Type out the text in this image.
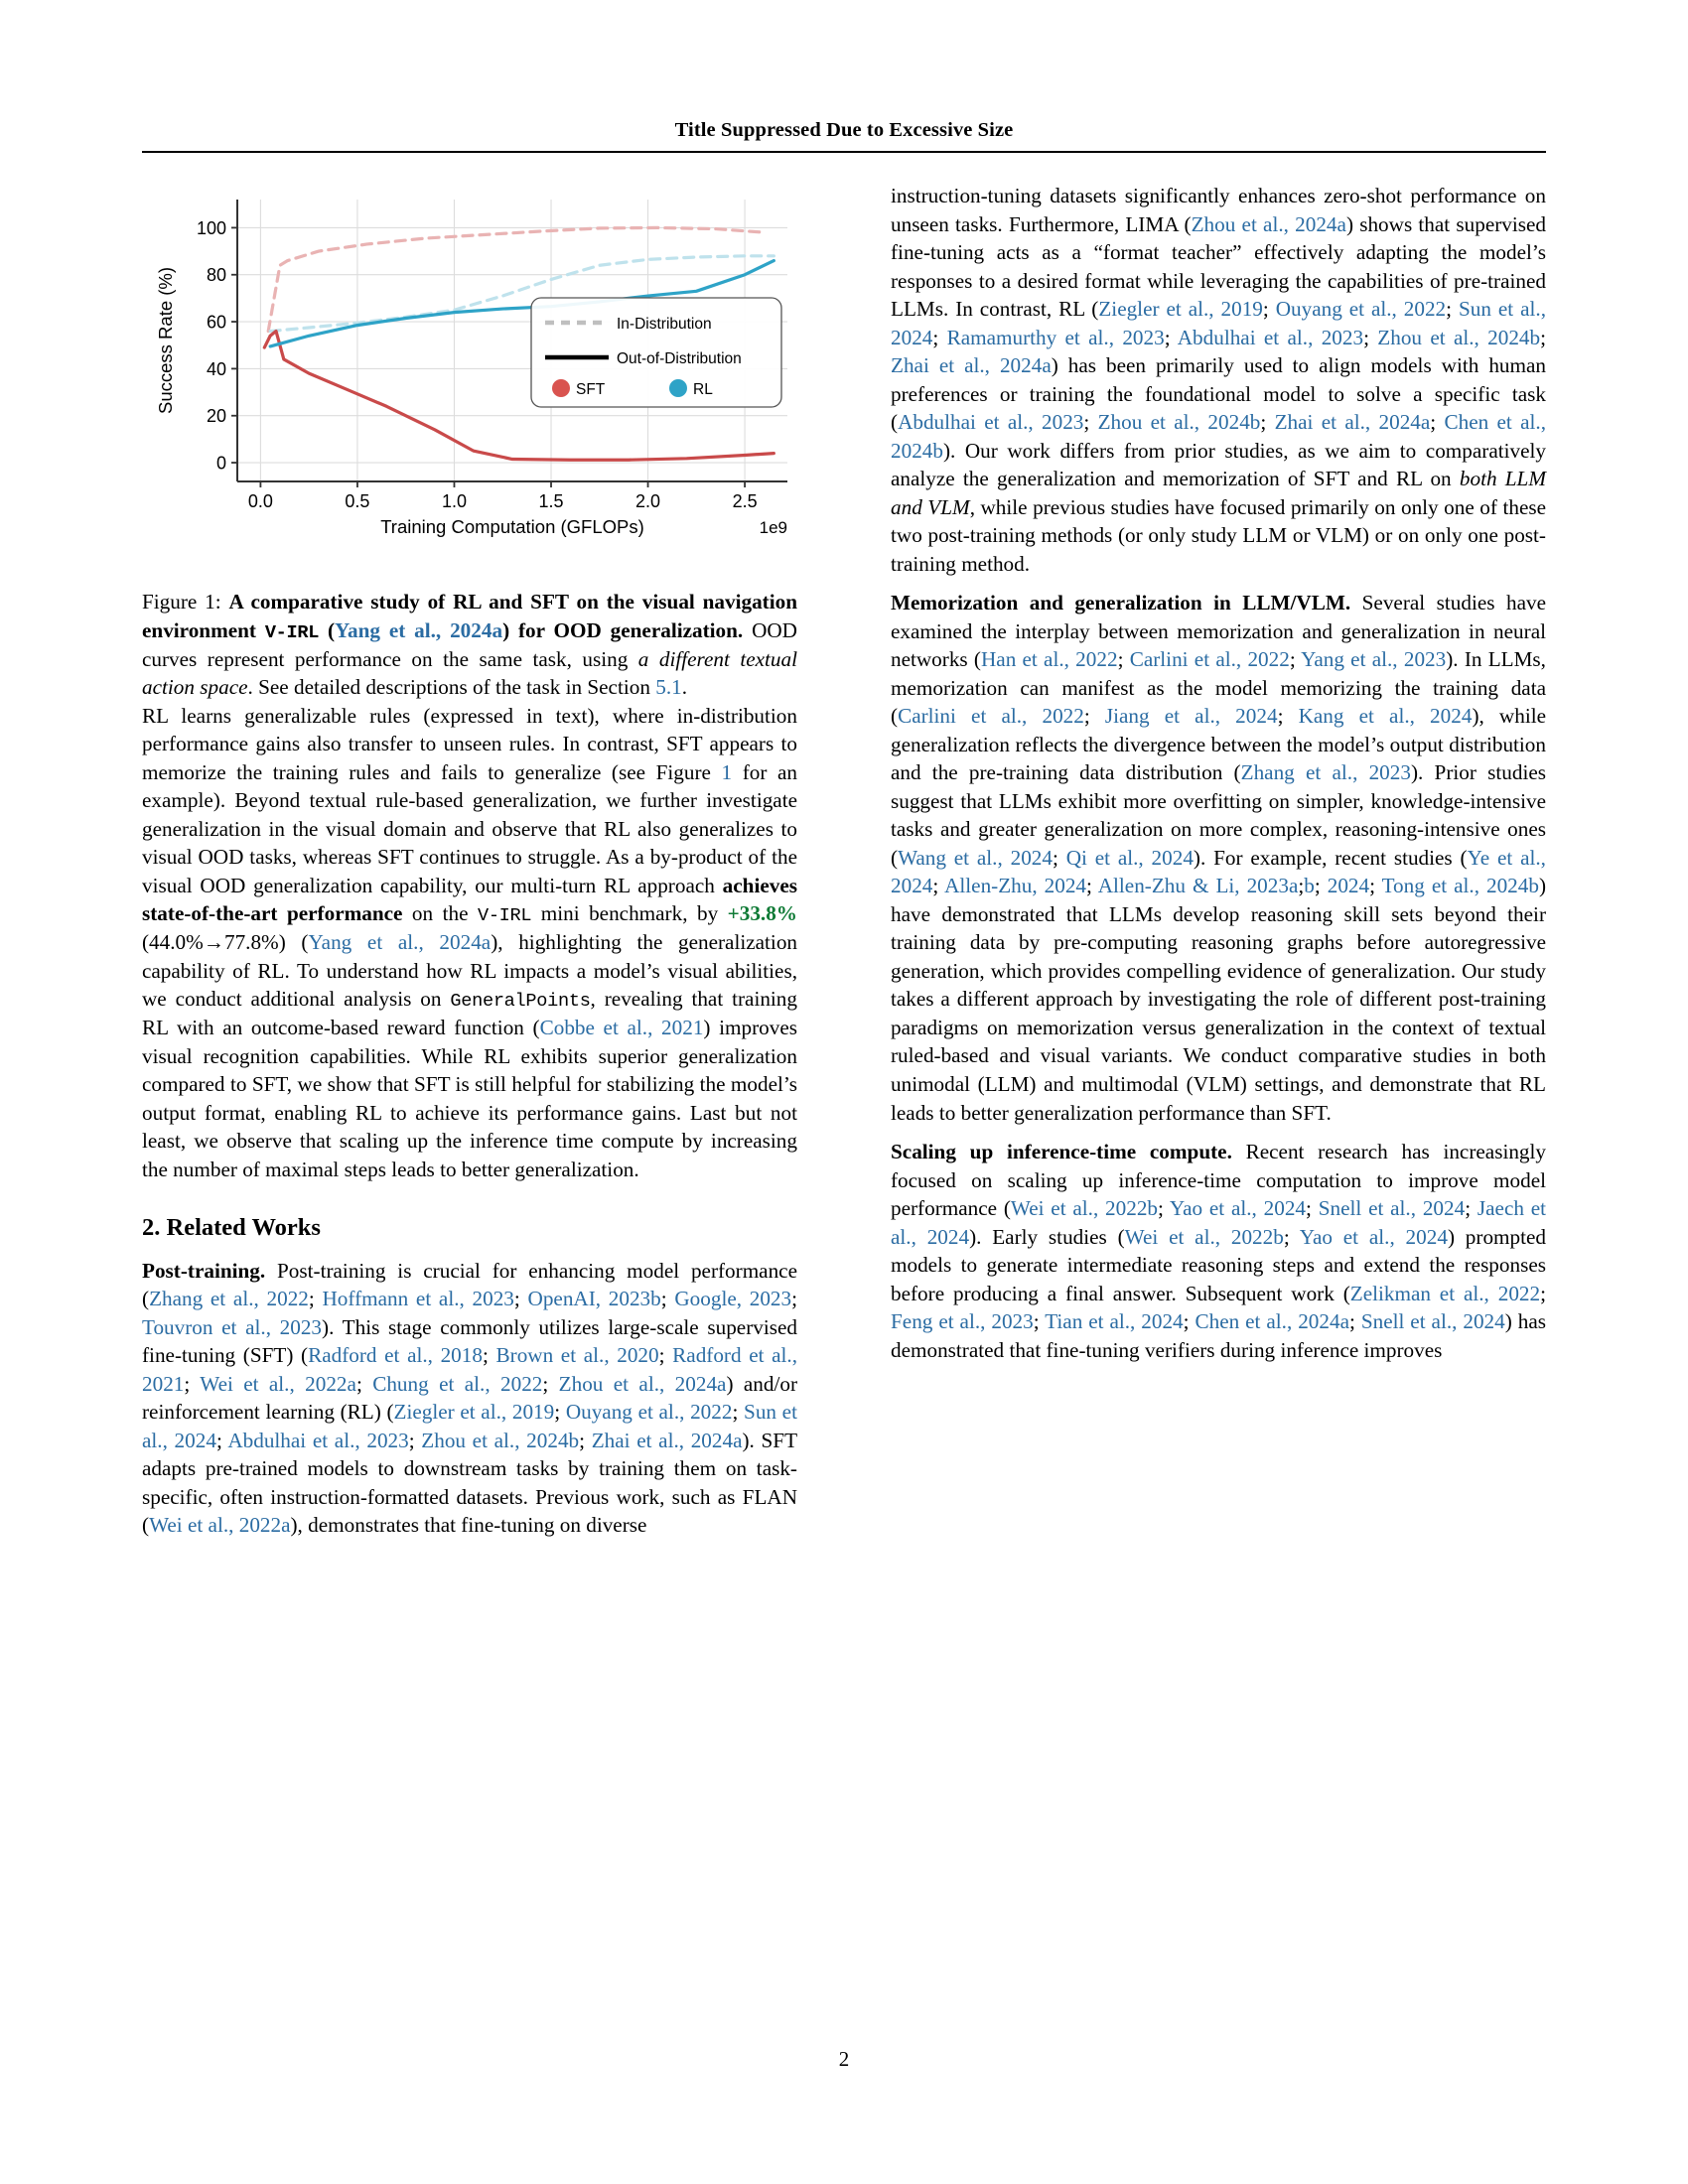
Title Suppressed Due to Excessive Size
0
20
40
60
80
100
0.0	0.5	1.0	1.5	2.0	2.5
Training Computation (GFLOPs)	1e9
Success Rate (%)	In-Distribution
Out-of-Distribution
SFT	RL
Figure 1: A comparative study of RL and SFT on the visual navigation environment V-IRL (Yang et al., 2024a) for OOD generalization. OOD curves represent performance on the same task, using a different textual action space. See detailed descriptions of the task in Section 5.1.

RL learns generalizable rules (expressed in text), where in-distribution performance gains also transfer to unseen rules. In contrast, SFT appears to memorize the training rules and fails to generalize (see Figure 1 for an example). Beyond textual rule-based generalization, we further investigate generalization in the visual domain and observe that RL also generalizes to visual OOD tasks, whereas SFT continues to struggle. As a by-product of the visual OOD generalization capability, our multi-turn RL approach achieves state-of-the-art performance on the V-IRL mini benchmark, by +33.8% (44.0%→77.8%) (Yang et al., 2024a), highlighting the generalization capability of RL. To understand how RL impacts a model’s visual abilities, we conduct additional analysis on GeneralPoints, revealing that training RL with an outcome-based reward function (Cobbe et al., 2021) improves visual recognition capabilities. While RL exhibits superior generalization compared to SFT, we show that SFT is still helpful for stabilizing the model’s output format, enabling RL to achieve its performance gains. Last but not least, we observe that scaling up the inference time compute by increasing the number of maximal steps leads to better generalization.

2. Related Works

Post-training. Post-training is crucial for enhancing model performance (Zhang et al., 2022; Hoffmann et al., 2023; OpenAI, 2023b; Google, 2023; Touvron et al., 2023). This stage commonly utilizes large-scale supervised fine-tuning (SFT) (Radford et al., 2018; Brown et al., 2020; Radford et al., 2021; Wei et al., 2022a; Chung et al., 2022; Zhou et al., 2024a) and/or reinforcement learning (RL) (Ziegler et al., 2019; Ouyang et al., 2022; Sun et al., 2024; Abdulhai et al., 2023; Zhou et al., 2024b; Zhai et al., 2024a). SFT adapts pre-trained models to downstream tasks by training them on task-specific, often instruction-formatted datasets. Previous work, such as FLAN (Wei et al., 2022a), demonstrates that fine-tuning on diverse

instruction-tuning datasets significantly enhances zero-shot performance on unseen tasks. Furthermore, LIMA (Zhou et al., 2024a) shows that supervised fine-tuning acts as a “format teacher” effectively adapting the model’s responses to a desired format while leveraging the capabilities of pre-trained LLMs. In contrast, RL (Ziegler et al., 2019; Ouyang et al., 2022; Sun et al., 2024; Ramamurthy et al., 2023; Abdulhai et al., 2023; Zhou et al., 2024b; Zhai et al., 2024a) has been primarily used to align models with human preferences or training the foundational model to solve a specific task (Abdulhai et al., 2023; Zhou et al., 2024b; Zhai et al., 2024a; Chen et al., 2024b). Our work differs from prior studies, as we aim to comparatively analyze the generalization and memorization of SFT and RL on both LLM and VLM, while previous studies have focused primarily on only one of these two post-training methods (or only study LLM or VLM) or on only one post-training method.

Memorization and generalization in LLM/VLM. Several studies have examined the interplay between memorization and generalization in neural networks (Han et al., 2022; Carlini et al., 2022; Yang et al., 2023). In LLMs, memorization can manifest as the model memorizing the training data (Carlini et al., 2022; Jiang et al., 2024; Kang et al., 2024), while generalization reflects the divergence between the model’s output distribution and the pre-training data distribution (Zhang et al., 2023). Prior studies suggest that LLMs exhibit more overfitting on simpler, knowledge-intensive tasks and greater generalization on more complex, reasoning-intensive ones (Wang et al., 2024; Qi et al., 2024). For example, recent studies (Ye et al., 2024; Allen-Zhu, 2024; Allen-Zhu & Li, 2023a;b; 2024; Tong et al., 2024b) have demonstrated that LLMs develop reasoning skill sets beyond their training data by pre-computing reasoning graphs before autoregressive generation, which provides compelling evidence of generalization. Our study takes a different approach by investigating the role of different post-training paradigms on memorization versus generalization in the context of textual ruled-based and visual variants. We conduct comparative studies in both unimodal (LLM) and multimodal (VLM) settings, and demonstrate that RL leads to better generalization performance than SFT.

Scaling up inference-time compute. Recent research has increasingly focused on scaling up inference-time computation to improve model performance (Wei et al., 2022b; Yao et al., 2024; Snell et al., 2024; Jaech et al., 2024). Early studies (Wei et al., 2022b; Yao et al., 2024) prompted models to generate intermediate reasoning steps and extend the responses before producing a final answer. Subsequent work (Zelikman et al., 2022; Feng et al., 2023; Tian et al., 2024; Chen et al., 2024a; Snell et al., 2024) has demonstrated that fine-tuning verifiers during inference improves

2
